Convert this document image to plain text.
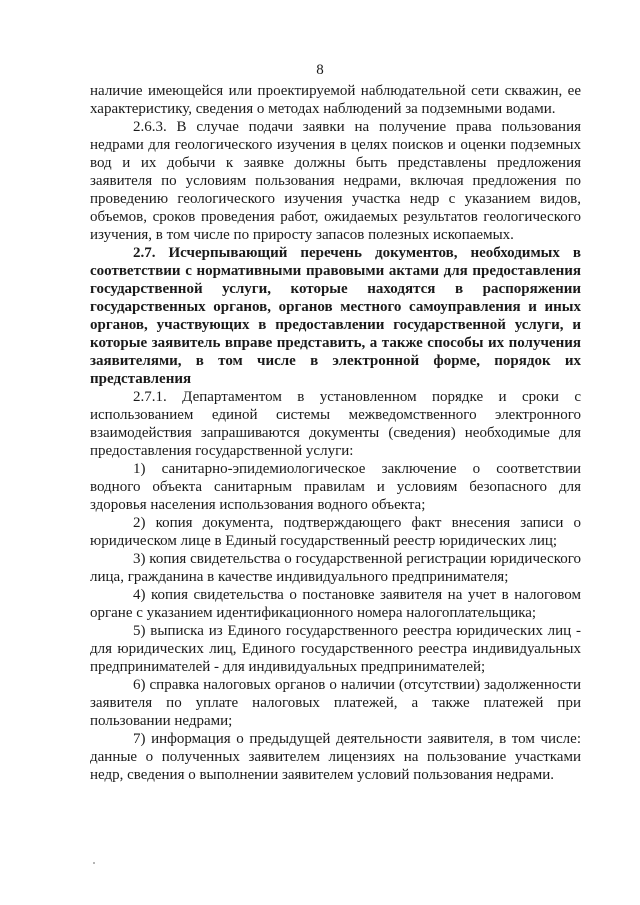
8

наличие имеющейся или проектируемой наблюдательной сети скважин, ее характеристику, сведения о методах наблюдений за подземными водами.

2.6.3. В случае подачи заявки на получение права пользования недрами для геологического изучения в целях поисков и оценки подземных вод и их добычи к заявке должны быть представлены предложения заявителя по условиям пользования недрами, включая предложения по проведению геологического изучения участка недр с указанием видов, объемов, сроков проведения работ, ожидаемых результатов геологического изучения, в том числе по приросту запасов полезных ископаемых.

2.7. Исчерпывающий перечень документов, необходимых в соответствии с нормативными правовыми актами для предоставления государственной услуги, которые находятся в распоряжении государственных органов, органов местного самоуправления и иных органов, участвующих в предоставлении государственной услуги, и которые заявитель вправе представить, а также способы их получения заявителями, в том числе в электронной форме, порядок их представления

2.7.1. Департаментом в установленном порядке и сроки с использованием единой системы межведомственного электронного взаимодействия запрашиваются документы (сведения) необходимые для предоставления государственной услуги:

1) санитарно-эпидемиологическое заключение о соответствии водного объекта санитарным правилам и условиям безопасного для здоровья населения использования водного объекта;

2) копия документа, подтверждающего факт внесения записи о юридическом лице в Единый государственный реестр юридических лиц;

3) копия свидетельства о государственной регистрации юридического лица, гражданина в качестве индивидуального предпринимателя;

4) копия свидетельства о постановке заявителя на учет в налоговом органе с указанием идентификационного номера налогоплательщика;

5) выписка из Единого государственного реестра юридических лиц - для юридических лиц, Единого государственного реестра индивидуальных предпринимателей - для индивидуальных предпринимателей;

6) справка налоговых органов о наличии (отсутствии) задолженности заявителя по уплате налоговых платежей, а также платежей при пользовании недрами;

7) информация о предыдущей деятельности заявителя, в том числе: данные о полученных заявителем лицензиях на пользование участками недр, сведения о выполнении заявителем условий пользования недрами.
